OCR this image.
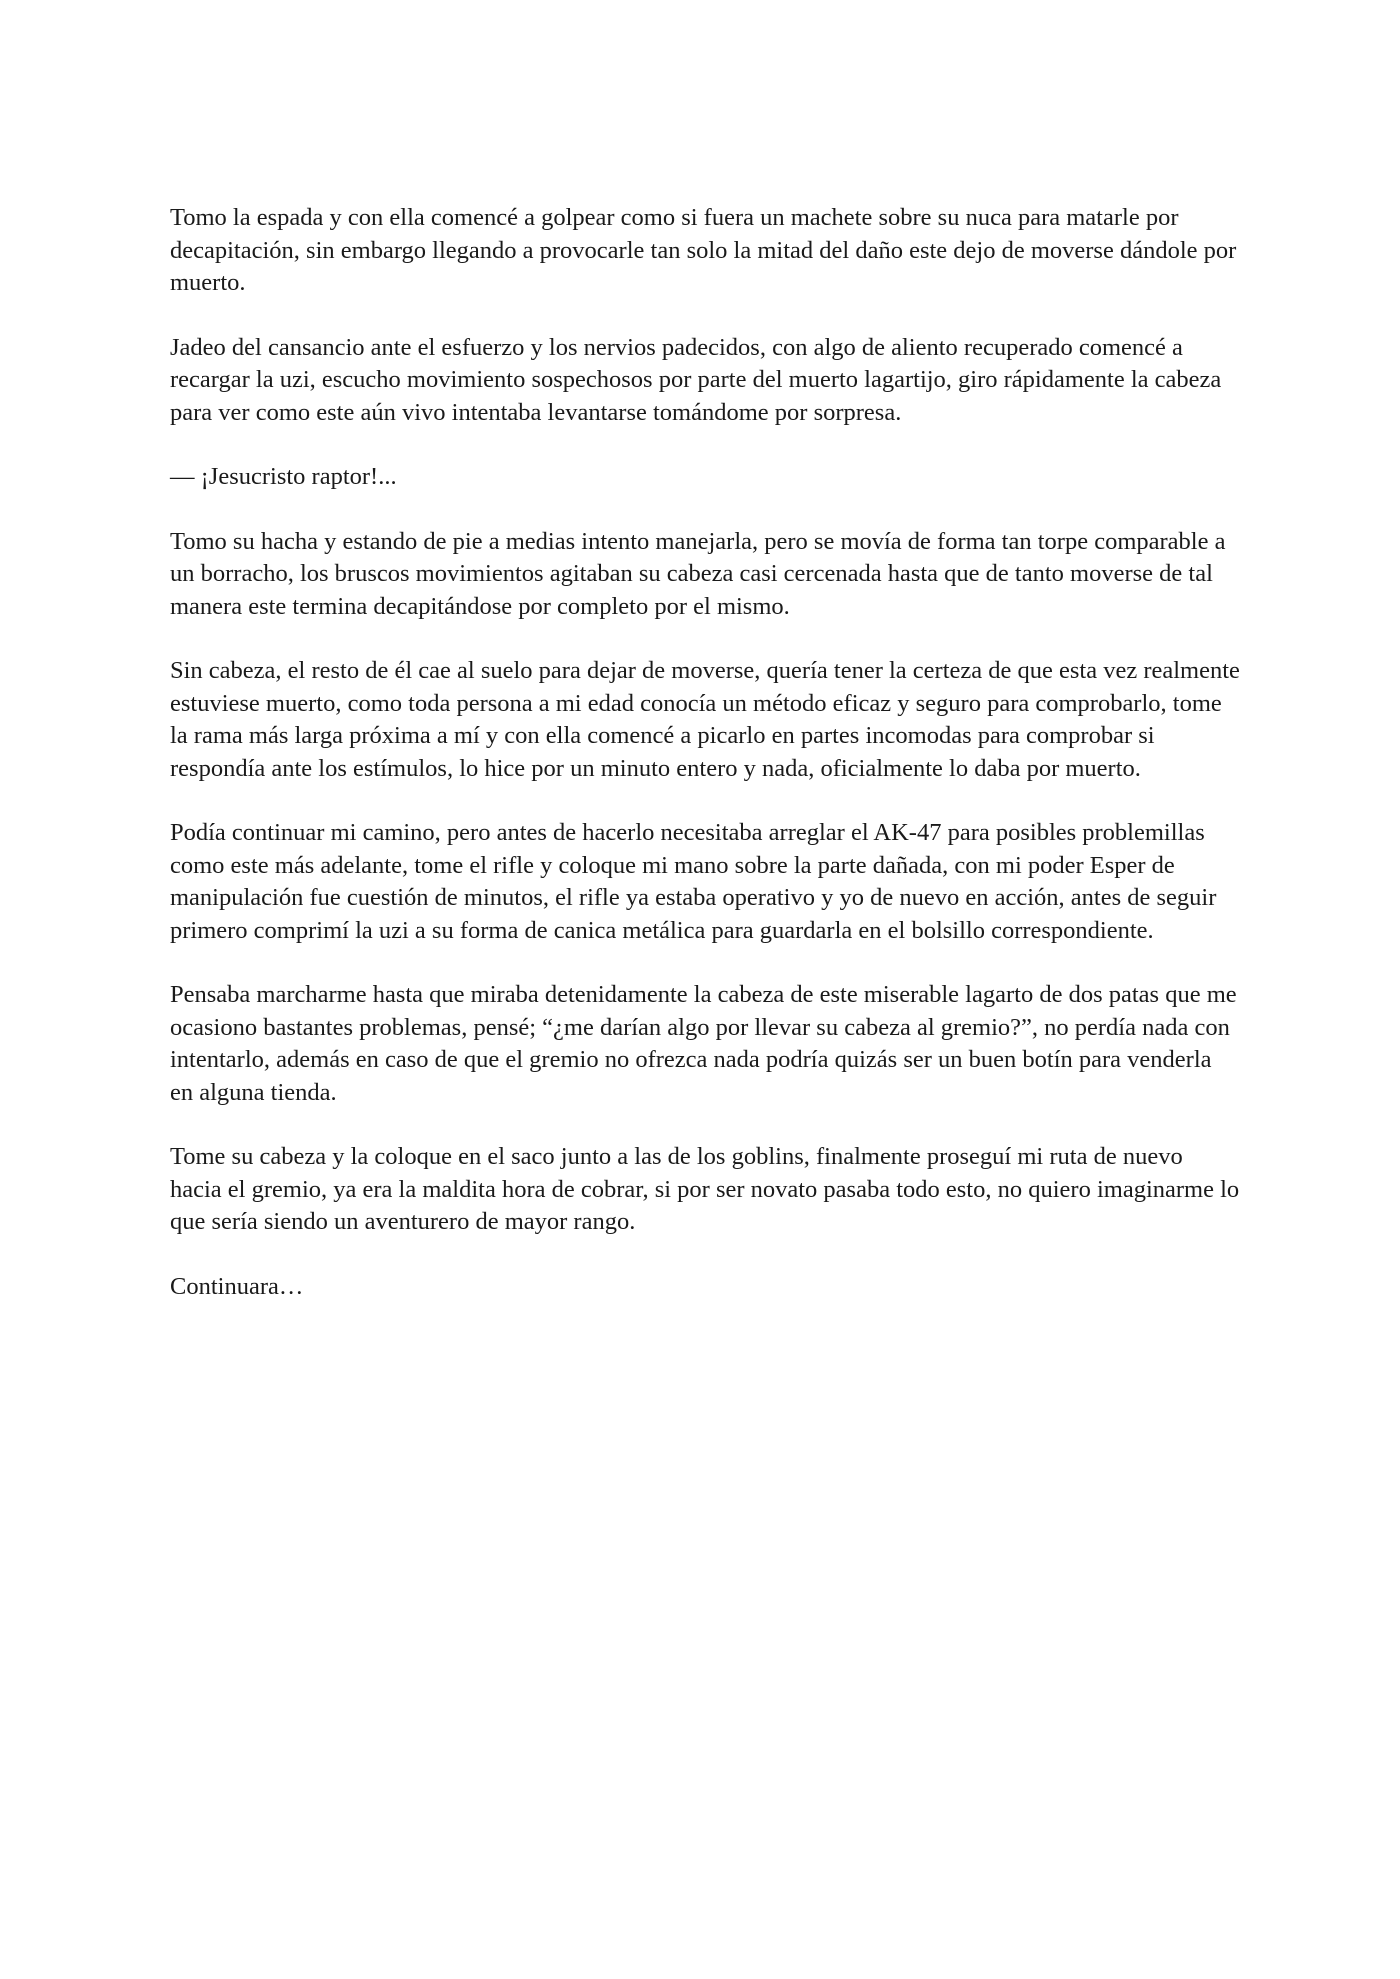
Tomo la espada y con ella comencé a golpear como si fuera un machete sobre su nuca para matarle por decapitación, sin embargo llegando a provocarle tan solo la mitad del daño este dejo de moverse dándole por muerto.

Jadeo del cansancio ante el esfuerzo y los nervios padecidos, con algo de aliento recuperado comencé a recargar la uzi, escucho movimiento sospechosos por parte del muerto lagartijo, giro rápidamente la cabeza para ver como este aún vivo intentaba levantarse tomándome por sorpresa.

— ¡Jesucristo raptor!...

Tomo su hacha y estando de pie a medias intento manejarla, pero se movía de forma tan torpe comparable a un borracho, los bruscos movimientos agitaban su cabeza casi cercenada hasta que de tanto moverse de tal manera este termina decapitándose por completo por el mismo.

Sin cabeza, el resto de él cae al suelo para dejar de moverse, quería tener la certeza de que esta vez realmente estuviese muerto, como toda persona a mi edad conocía un método eficaz y seguro para comprobarlo, tome la rama más larga próxima a mí y con ella comencé a picarlo en partes incomodas para comprobar si respondía ante los estímulos, lo hice por un minuto entero y nada, oficialmente lo daba por muerto.

Podía continuar mi camino, pero antes de hacerlo necesitaba arreglar el AK-47 para posibles problemillas como este más adelante, tome el rifle y coloque mi mano sobre la parte dañada, con mi poder Esper de manipulación fue cuestión de minutos, el rifle ya estaba operativo y yo de nuevo en acción, antes de seguir primero comprimí la uzi a su forma de canica metálica para guardarla en el bolsillo correspondiente.

Pensaba marcharme hasta que miraba detenidamente la cabeza de este miserable lagarto de dos patas que me ocasiono bastantes problemas, pensé; “¿me darían algo por llevar su cabeza al gremio?”, no perdía nada con intentarlo, además en caso de que el gremio no ofrezca nada podría quizás ser un buen botín para venderla en alguna tienda.

Tome su cabeza y la coloque en el saco junto a las de los goblins, finalmente proseguí mi ruta de nuevo hacia el gremio, ya era la maldita hora de cobrar, si por ser novato pasaba todo esto, no quiero imaginarme lo que sería siendo un aventurero de mayor rango.

Continuara…
